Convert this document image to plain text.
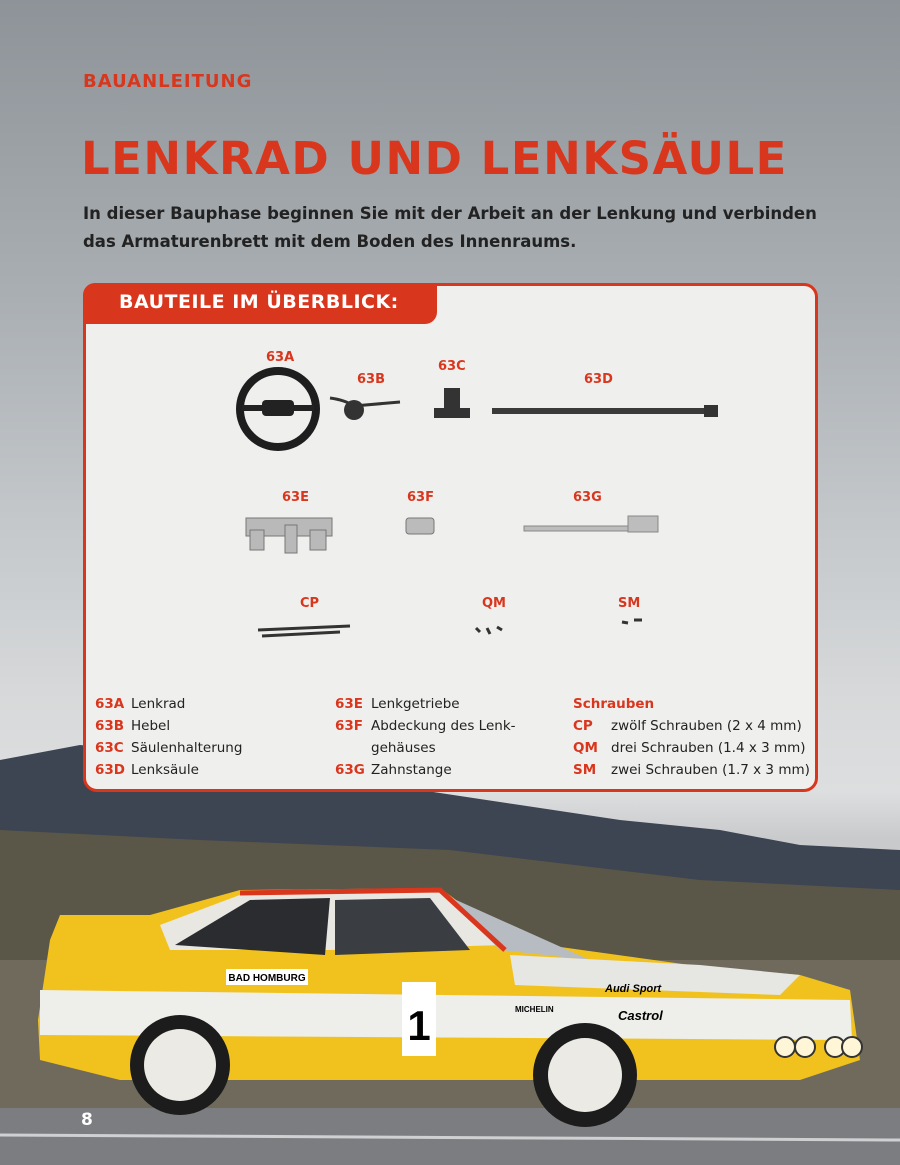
1
BAD HOMBURG
MICHELIN
Audi Sport
Castrol
BAUANLEITUNG
LENKRAD UND LENKSÄULE
In dieser Bauphase beginnen Sie mit der Arbeit an der Lenkung und verbinden
das Armaturenbrett mit dem Boden des Innenraums.
BAUTEILE IM ÜBERBLICK:
63A
63B
63C
63D
63E	63F	63G
CP	QM	SM
63A Lenkrad
63B Hebel
63C Säulenhalterung
63D Lenksäule
63E Lenkgetriebe
63F Abdeckung des Lenk-
gehäuses
63G Zahnstange
Schrauben
CP zwölf Schrauben (2 x 4 mm)
QM drei Schrauben (1.4 x 3 mm)
SM zwei Schrauben (1.7 x 3 mm)
8
